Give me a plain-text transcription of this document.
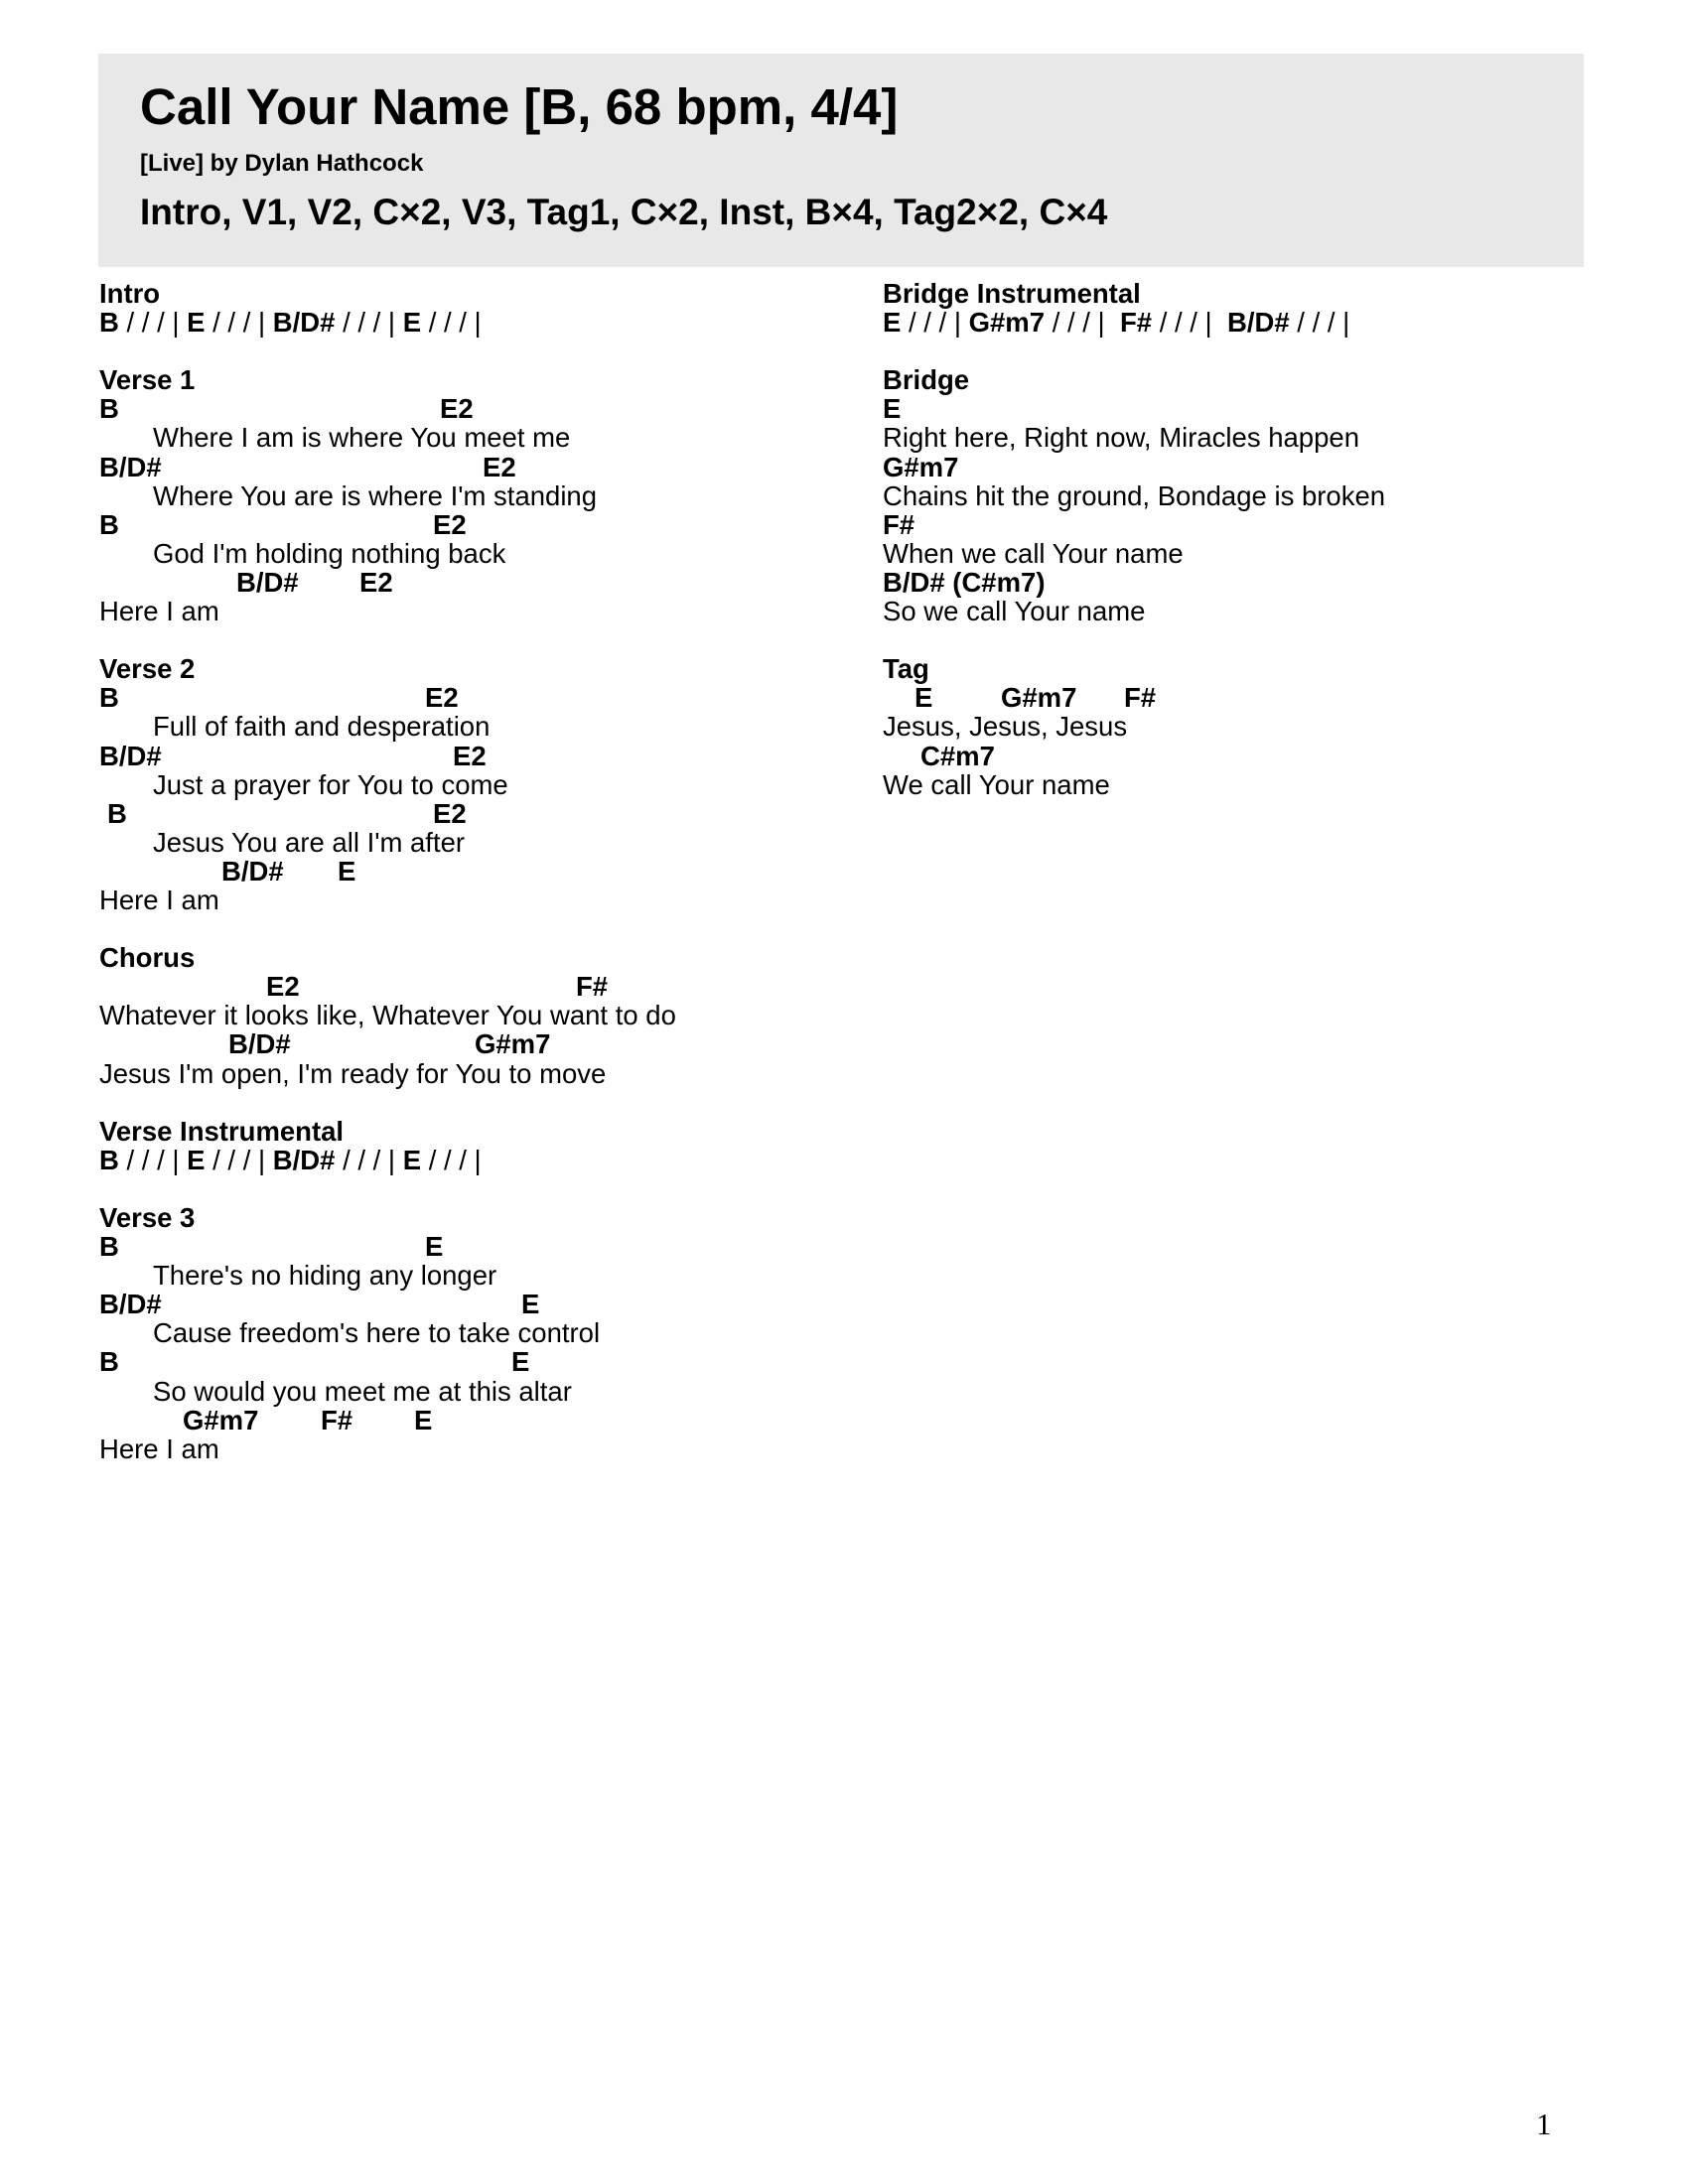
Call Your Name [B, 68 bpm, 4/4]

[Live] by Dylan Hathcock

Intro, V1, V2, C×2, V3, Tag1, C×2, Inst, B×4, Tag2×2, C×4

Intro
B / / / | E / / / | B/D# / / / | E / / / |
Verse 1
B	E2
Where I am is where You meet me
B/D#	E2
Where You are is where I'm standing
B	E2
God I'm holding nothing back
B/D# E2
Here I am
Verse 2
B	E2
Full of faith and desperation
B/D#	E2
Just a prayer for You to come
B	E2
Jesus You are all I'm after
B/D# E
Here I am
Chorus
E2	F#
Whatever it looks like, Whatever You want to do
B/D#	G#m7
Jesus I'm open, I'm ready for You to move
Verse Instrumental
B / / / | E / / / | B/D# / / / | E / / / |
Verse 3
B	E
There's no hiding any longer
B/D#	E
Cause freedom's here to take control
B	E
So would you meet me at this altar
G#m7 F# E
Here I am
Bridge Instrumental
E / / / | G#m7 / / / |  F# / / / |  B/D# / / / |
Bridge
E
Right here, Right now, Miracles happen
G#m7
Chains hit the ground, Bondage is broken
F#
When we call Your name
B/D# (C#m7)
So we call Your name
Tag
E G#m7 F#
Jesus, Jesus, Jesus
C#m7
We call Your name
1
